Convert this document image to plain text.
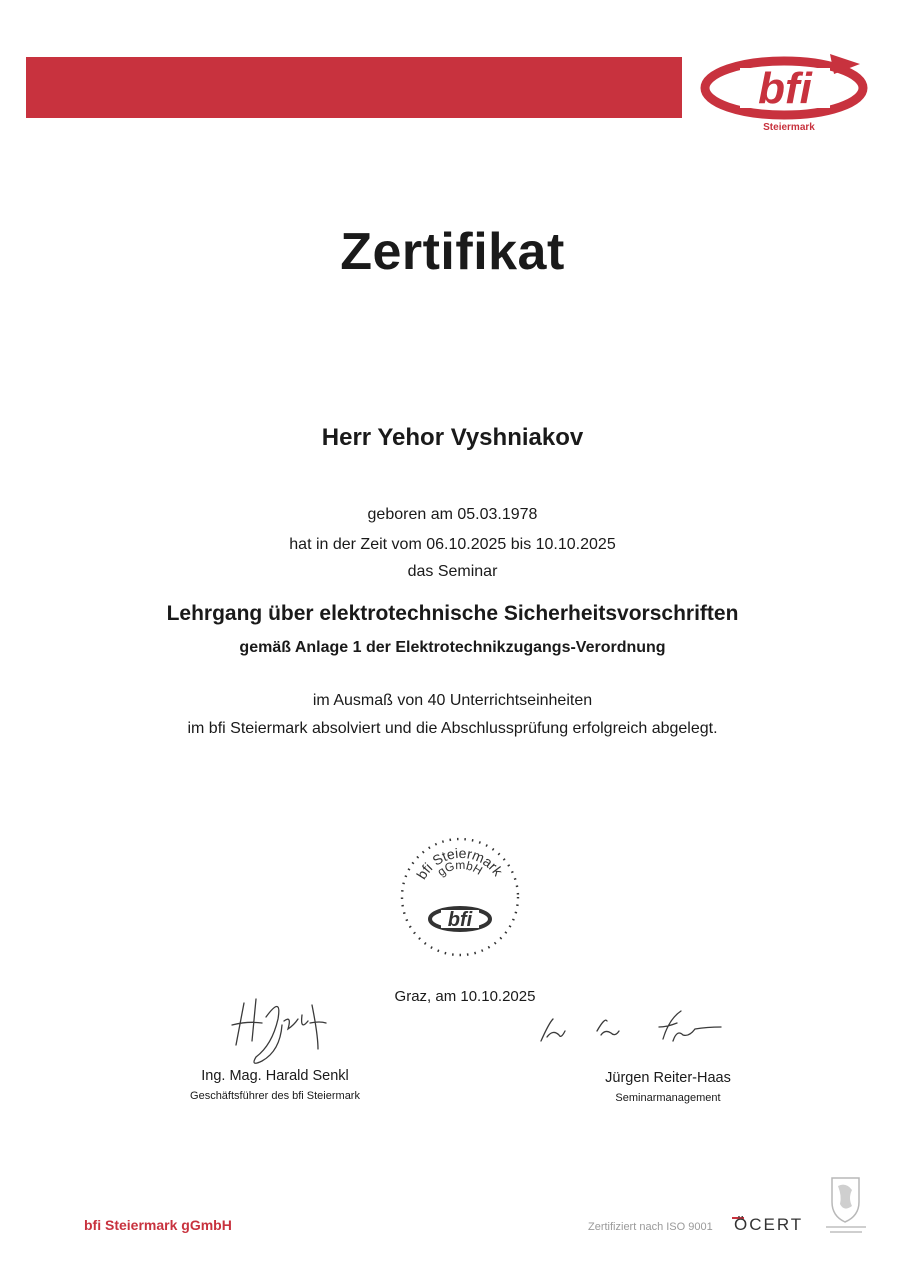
bfi
Steiermark
Zertifikat
Herr Yehor Vyshniakov
geboren am 05.03.1978
hat in der Zeit vom 06.10.2025 bis 10.10.2025
das Seminar
Lehrgang über elektrotechnische Sicherheitsvorschriften
gemäß Anlage 1 der Elektrotechnikzugangs-Verordnung
im Ausmaß von 40 Unterrichtseinheiten
im bfi Steiermark absolviert und die Abschlussprüfung erfolgreich abgelegt.
bfi Steiermark
gGmbH
bfi
Graz, am 10.10.2025
Ing. Mag. Harald Senkl
Geschäftsführer des bfi Steiermark
Jürgen Reiter-Haas
Seminarmanagement
bfi Steiermark gGmbH	Zertifiziert nach ISO 9001 ÖCERT
